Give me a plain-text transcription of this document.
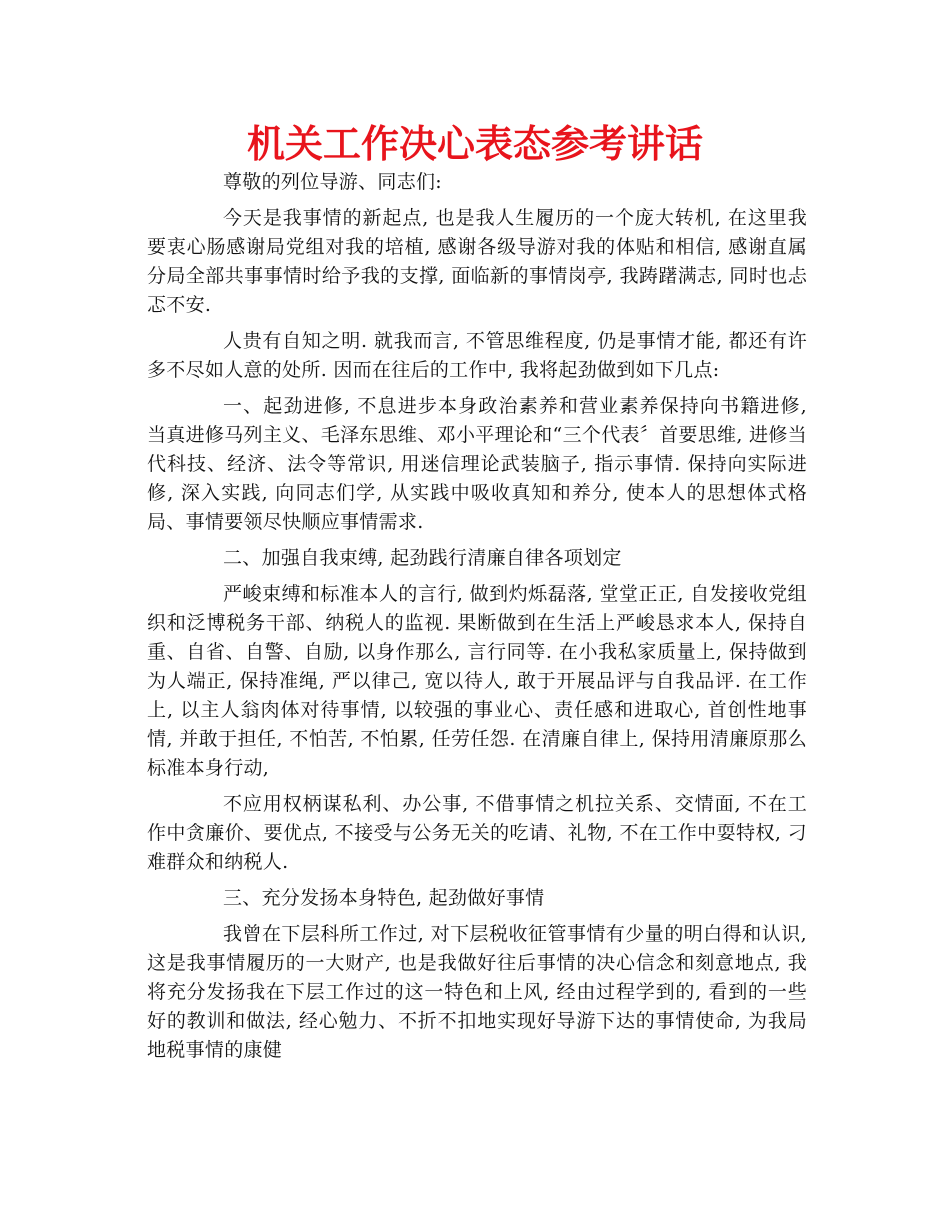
机关工作决心表态参考讲话

尊敬的列位导游、同志们:

今天是我事情的新起点, 也是我人生履历的一个庞大转机, 在这里我要衷心肠感谢局党组对我的培植, 感谢各级导游对我的体贴和相信, 感谢直属分局全部共事事情时给予我的支撑, 面临新的事情岗亭, 我踌躇满志, 同时也忐忑不安.

人贵有自知之明. 就我而言, 不管思维程度, 仍是事情才能, 都还有许多不尽如人意的处所. 因而在往后的工作中, 我将起劲做到如下几点:

一、起劲进修, 不息进步本身政治素养和营业素养保持向书籍进修, 当真进修马列主义、毛泽东思维、邓小平理论和“三个代表〞首要思维, 进修当代科技、经济、法令等常识, 用迷信理论武装脑子, 指示事情. 保持向实际进修, 深入实践, 向同志们学, 从实践中吸收真知和养分, 使本人的思想体式格局、事情要领尽快顺应事情需求.

二、加强自我束缚, 起劲践行清廉自律各项划定

严峻束缚和标准本人的言行, 做到灼烁磊落, 堂堂正正, 自发接收党组织和泛博税务干部、纳税人的监视. 果断做到在生活上严峻恳求本人, 保持自重、自省、自警、自励, 以身作那么, 言行同等. 在小我私家质量上, 保持做到为人端正, 保持准绳, 严以律己, 宽以待人, 敢于开展品评与自我品评. 在工作上, 以主人翁肉体对待事情, 以较强的事业心、责任感和进取心, 首创性地事情, 并敢于担任, 不怕苦, 不怕累, 任劳任怨. 在清廉自律上, 保持用清廉原那么标准本身行动,

不应用权柄谋私利、办公事, 不借事情之机拉关系、交情面, 不在工作中贪廉价、要优点, 不接受与公务无关的吃请、礼物, 不在工作中耍特权, 刁难群众和纳税人.

三、充分发扬本身特色, 起劲做好事情

我曾在下层科所工作过, 对下层税收征管事情有少量的明白得和认识, 这是我事情履历的一大财产, 也是我做好往后事情的决心信念和刻意地点, 我将充分发扬我在下层工作过的这一特色和上风, 经由过程学到的, 看到的一些好的教训和做法, 经心勉力、不折不扣地实现好导游下达的事情使命, 为我局地税事情的康健
